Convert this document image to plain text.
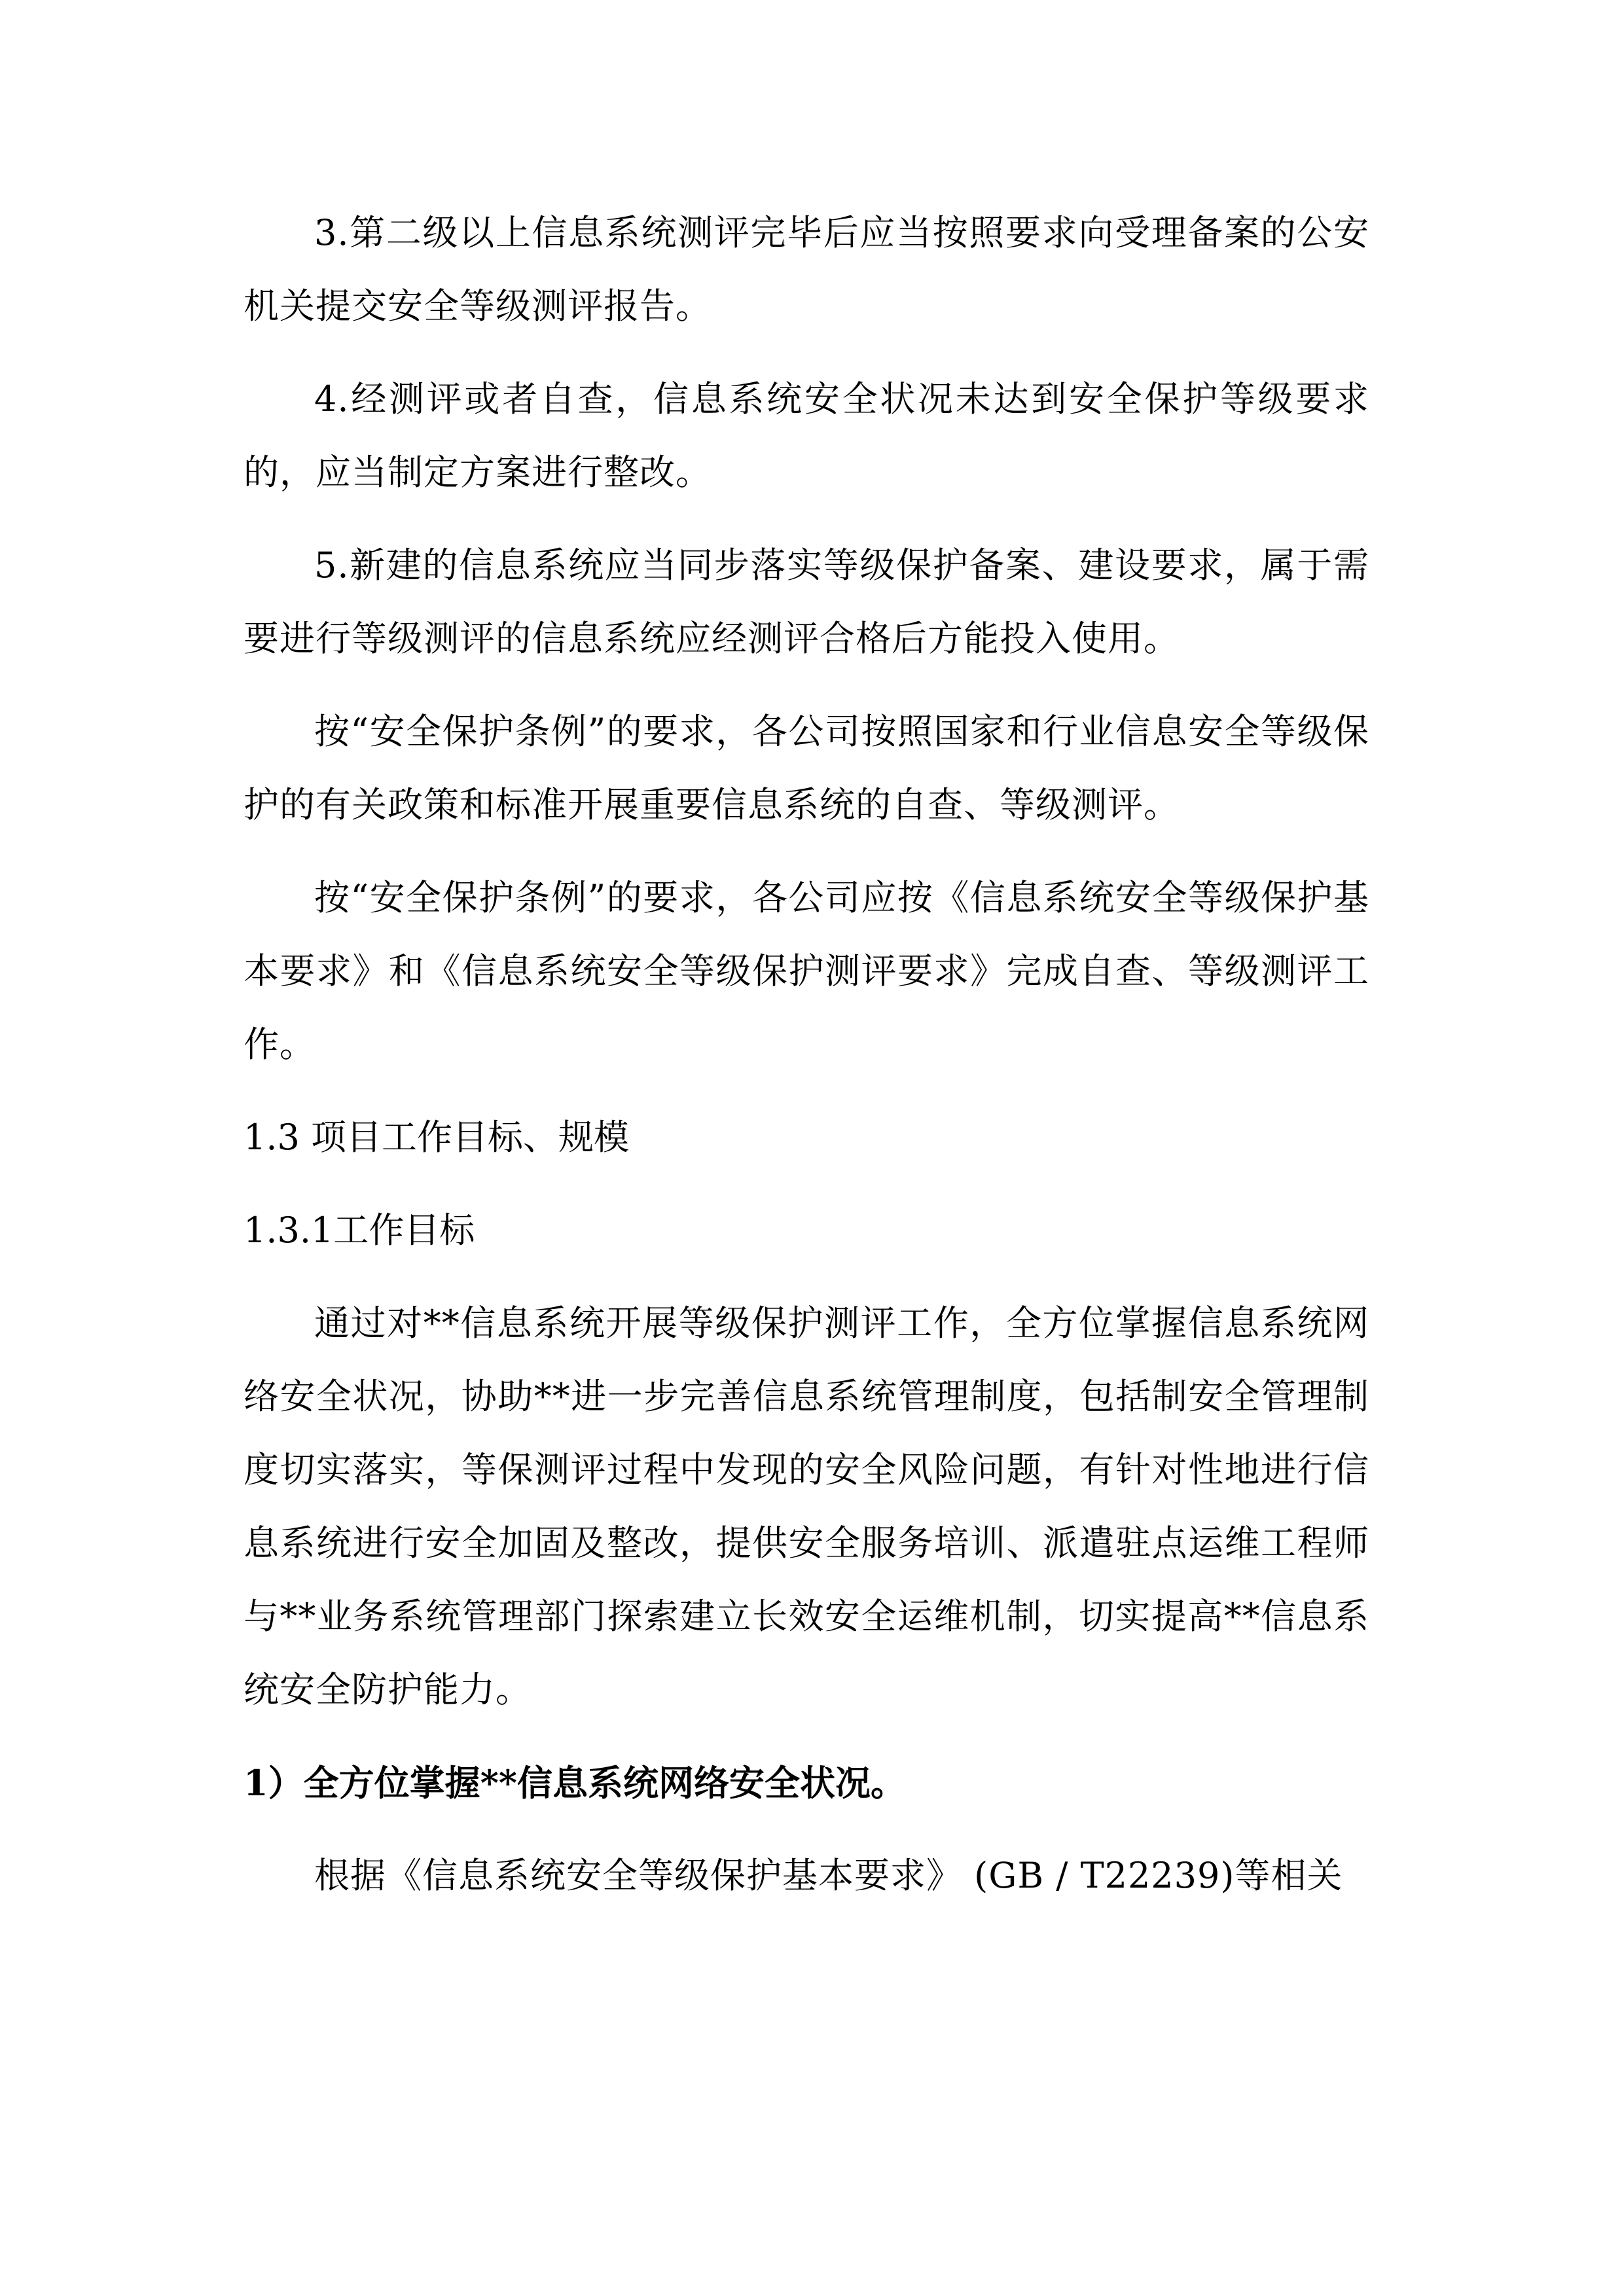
3.第二级以上信息系统测评完毕后应当按照要求向受理备案的公安机关提交安全等级测评报告。

4.经测评或者自查，信息系统安全状况未达到安全保护等级要求的，应当制定方案进行整改。

5.新建的信息系统应当同步落实等级保护备案、建设要求，属于需要进行等级测评的信息系统应经测评合格后方能投入使用。

按“安全保护条例”的要求，各公司按照国家和行业信息安全等级保护的有关政策和标准开展重要信息系统的自查、等级测评。

按“安全保护条例”的要求，各公司应按《信息系统安全等级保护基本要求》和《信息系统安全等级保护测评要求》完成自查、等级测评工作。

1.3 项目工作目标、规模
1.3.1工作目标

通过对**信息系统开展等级保护测评工作，全方位掌握信息系统网络安全状况，协助**进一步完善信息系统管理制度，包括制安全管理制度切实落实，等保测评过程中发现的安全风险问题，有针对性地进行信息系统进行安全加固及整改，提供安全服务培训、派遣驻点运维工程师与**业务系统管理部门探索建立长效安全运维机制，切实提高**信息系统安全防护能力。

1）全方位掌握**信息系统网络安全状况。

根据《信息系统安全等级保护基本要求》 (GB / T22239)等相关
